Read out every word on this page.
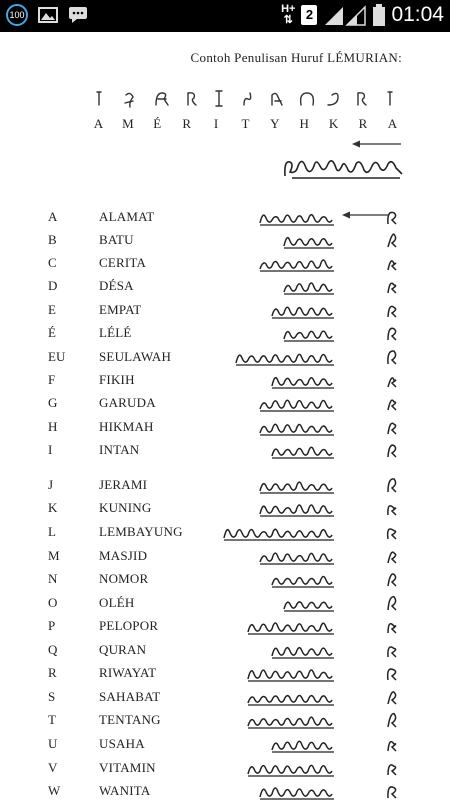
100	H+
⇅ 2	01:04
Contoh Penulisan Huruf LÉMURIAN:
A	M	É	R	I	T	Y	H	K	R	A
A	ALAMAT
B	BATU
C	CERITA
D	DÉSA
E	EMPAT
É	LÉLÉ
EU	SEULAWAH
F	FIKIH
G	GARUDA
H	HIKMAH
I	INTAN
J	JERAMI
K	KUNING
L	LEMBAYUNG
M	MASJID
N	NOMOR
O	OLÉH
P	PELOPOR
Q	QURAN
R	RIWAYAT
S	SAHABAT
T	TENTANG
U	USAHA
V	VITAMIN
W	WANITA
